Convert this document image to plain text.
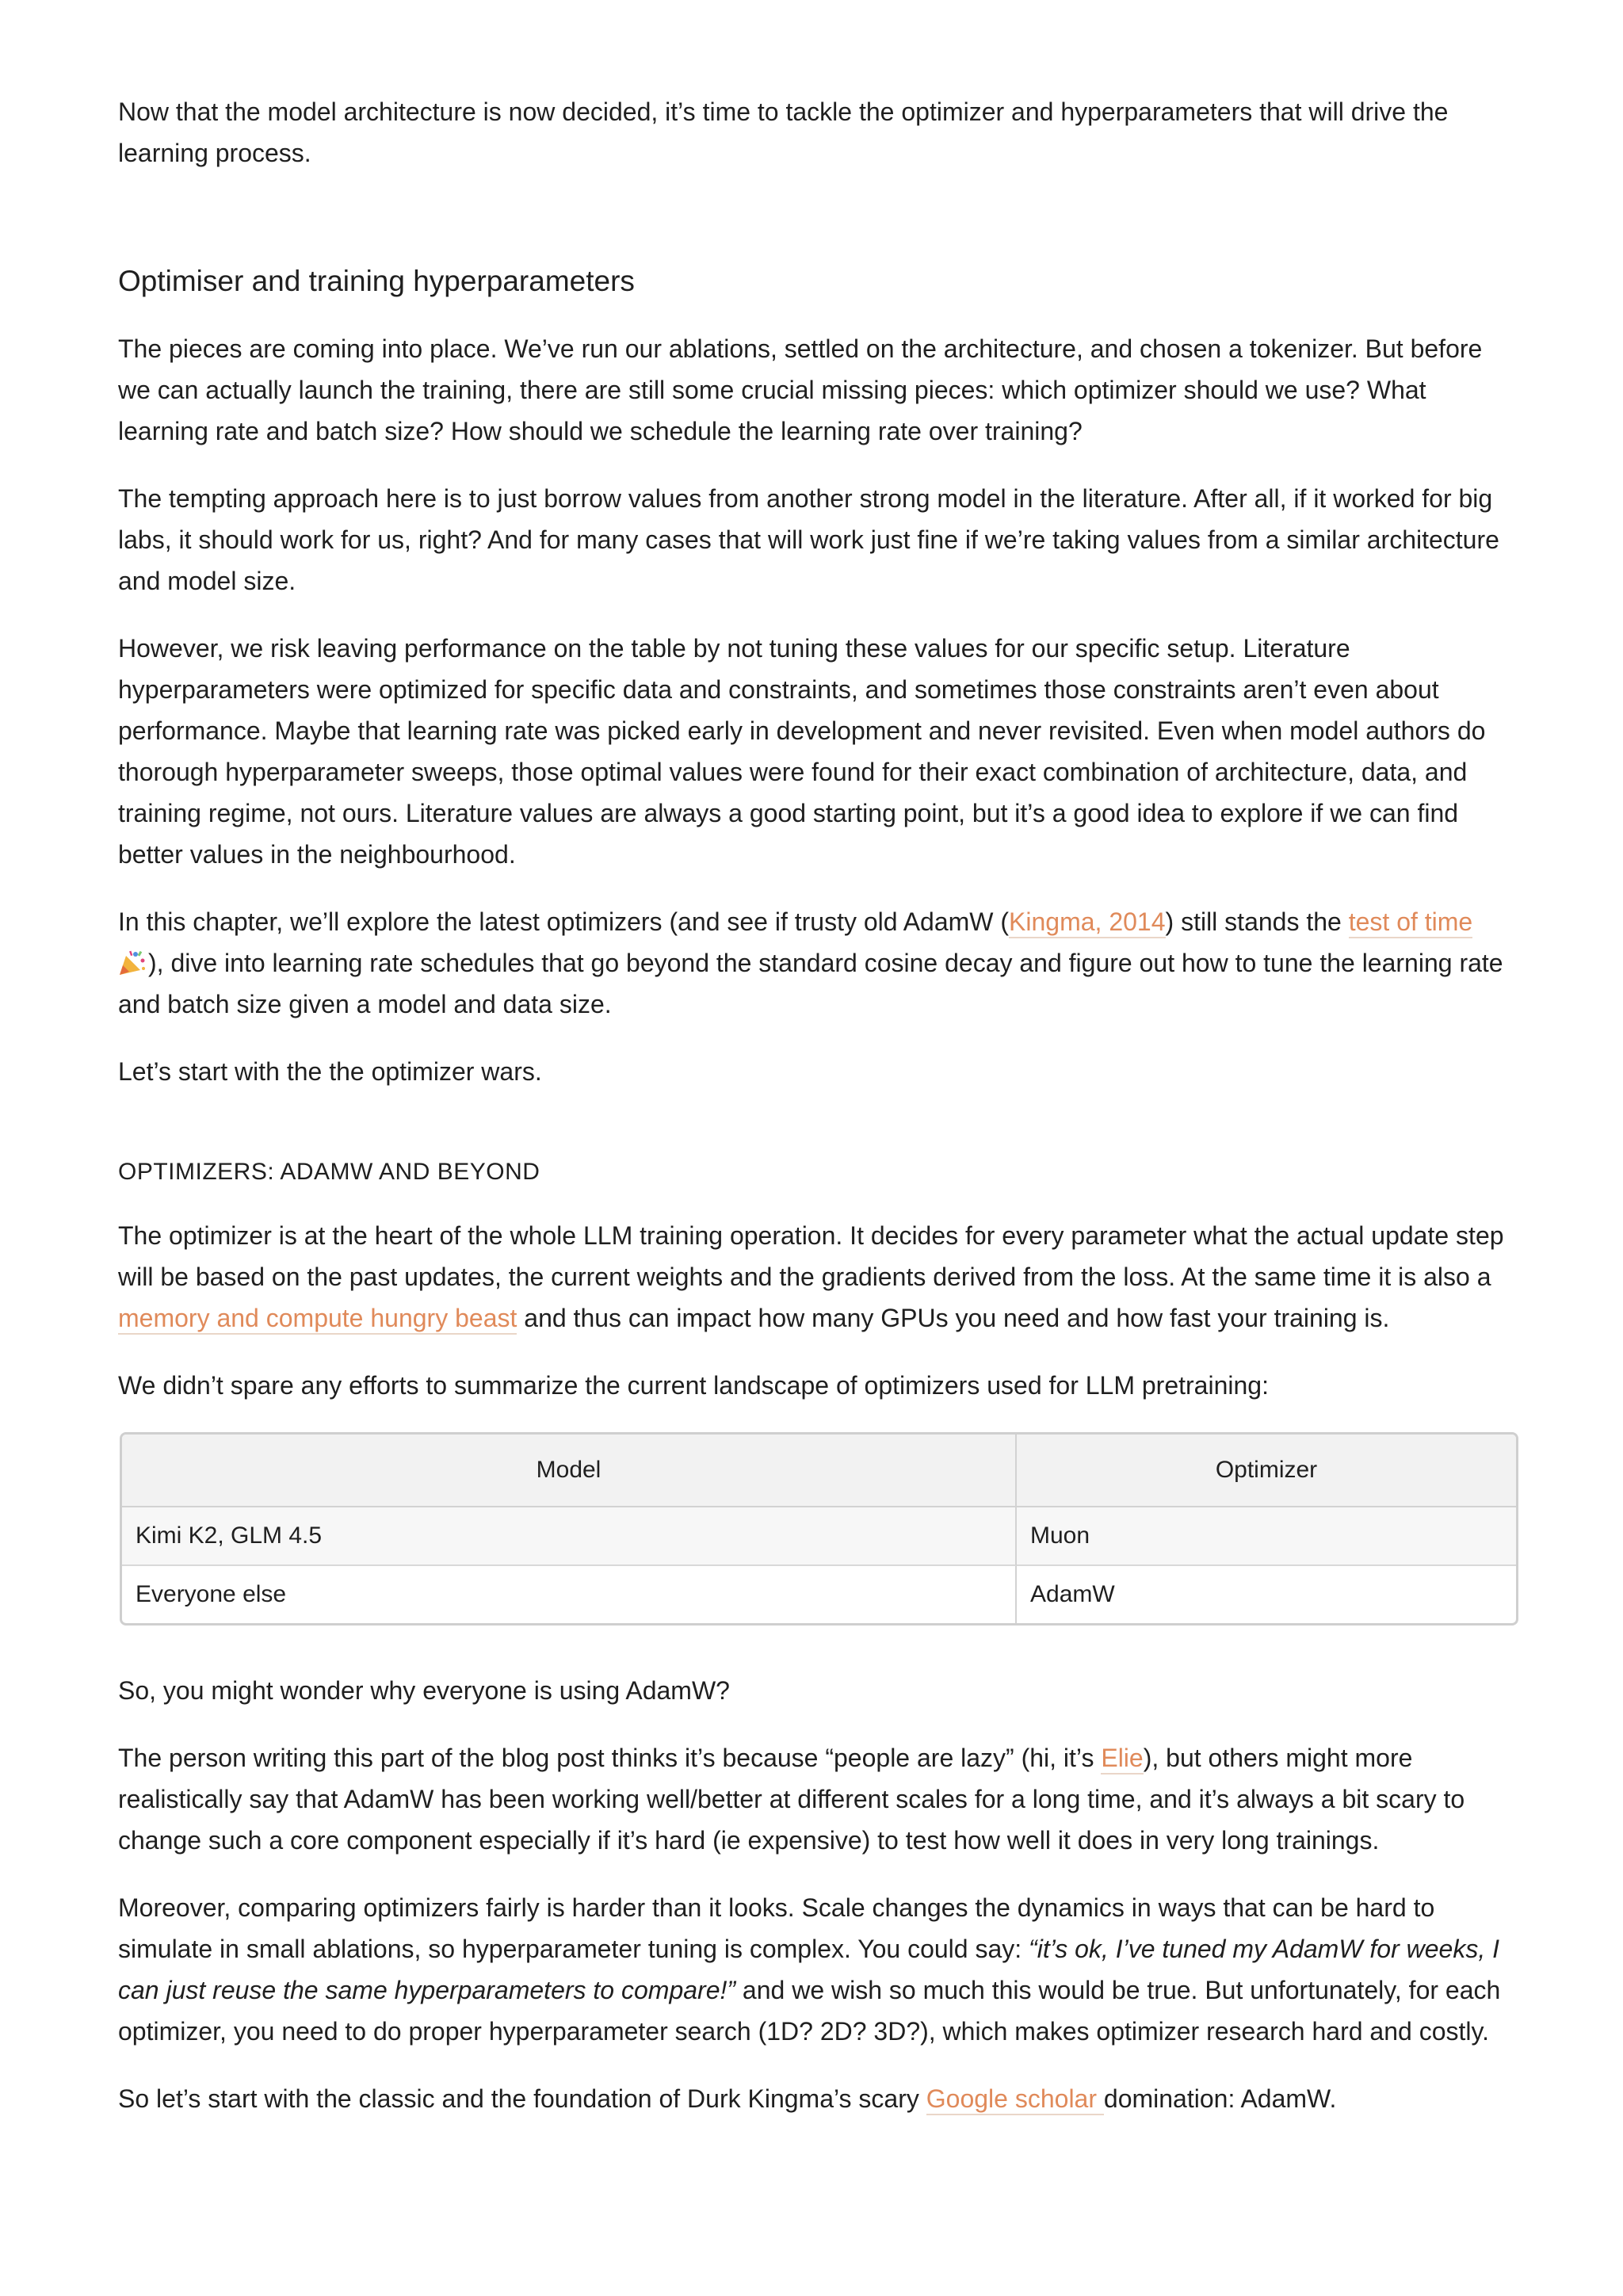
Now that the model architecture is now decided, it’s time to tackle the optimizer and hyperparameters that will drive the learning process.

Optimiser and training hyperparameters

The pieces are coming into place. We’ve run our ablations, settled on the architecture, and chosen a tokenizer. But before we can actually launch the training, there are still some crucial missing pieces: which optimizer should we use? What learning rate and batch size? How should we schedule the learning rate over training?

The tempting approach here is to just borrow values from another strong model in the literature. After all, if it worked for big labs, it should work for us, right? And for many cases that will work just fine if we’re taking values from a similar architecture and model size.

However, we risk leaving performance on the table by not tuning these values for our specific setup. Literature hyperparameters were optimized for specific data and constraints, and sometimes those constraints aren’t even about performance. Maybe that learning rate was picked early in development and never revisited. Even when model authors do thorough hyperparameter sweeps, those optimal values were found for their exact combination of architecture, data, and training regime, not ours. Literature values are always a good starting point, but it’s a good idea to explore if we can find better values in the neighbourhood.

In this chapter, we’ll explore the latest optimizers (and see if trusty old AdamW (Kingma, 2014) still stands the test of time
), dive into learning rate schedules that go beyond the standard cosine decay and figure out how to tune the learning rate and batch size given a model and data size.

Let’s start with the the optimizer wars.

OPTIMIZERS: ADAMW AND BEYOND

The optimizer is at the heart of the whole LLM training operation. It decides for every parameter what the actual update step will be based on the past updates, the current weights and the gradients derived from the loss. At the same time it is also a memory and compute hungry beast and thus can impact how many GPUs you need and how fast your training is.

We didn’t spare any efforts to summarize the current landscape of optimizers used for LLM pretraining:

Model	Optimizer
Kimi K2, GLM 4.5	Muon
Everyone else	AdamW

So, you might wonder why everyone is using AdamW?

The person writing this part of the blog post thinks it’s because “people are lazy” (hi, it’s Elie), but others might more realistically say that AdamW has been working well/better at different scales for a long time, and it’s always a bit scary to change such a core component especially if it’s hard (ie expensive) to test how well it does in very long trainings.

Moreover, comparing optimizers fairly is harder than it looks. Scale changes the dynamics in ways that can be hard to simulate in small ablations, so hyperparameter tuning is complex. You could say: “it’s ok, I’ve tuned my AdamW for weeks, I can just reuse the same hyperparameters to compare!” and we wish so much this would be true. But unfortunately, for each optimizer, you need to do proper hyperparameter search (1D? 2D? 3D?), which makes optimizer research hard and costly.

So let’s start with the classic and the foundation of Durk Kingma’s scary Google scholar domination: AdamW.
